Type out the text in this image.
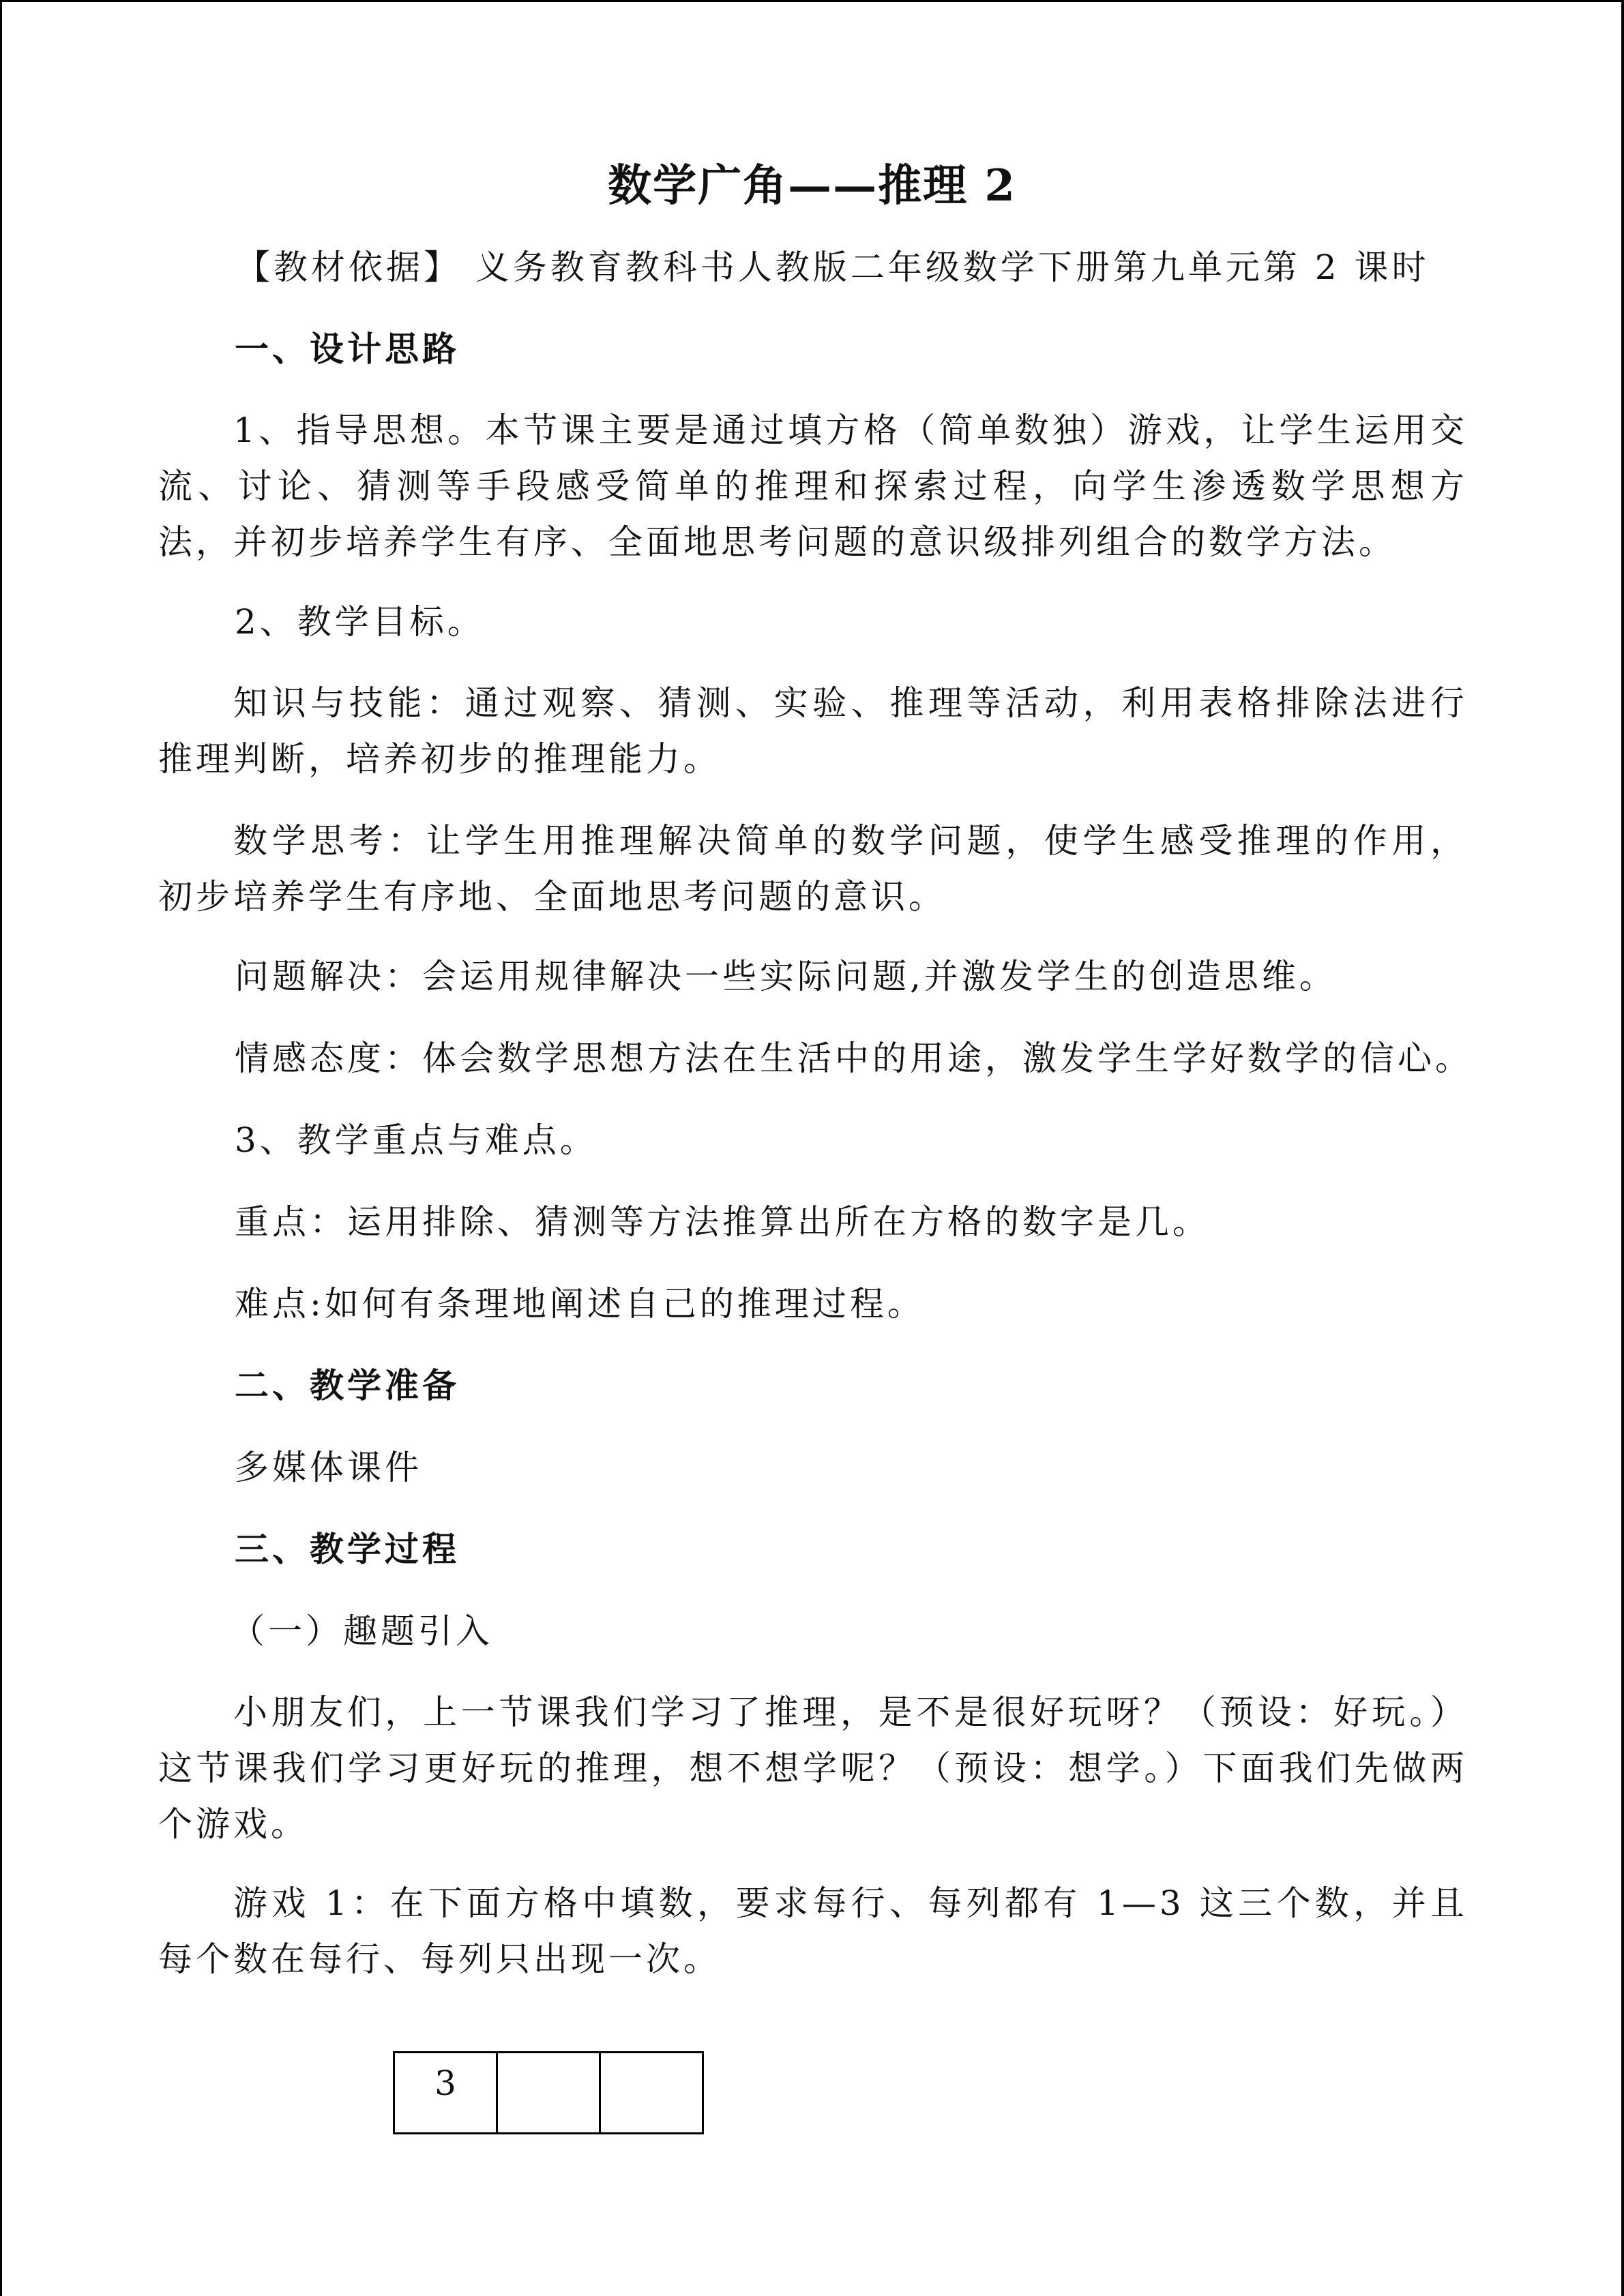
数学广角——推理 2
【教材依据】 义务教育教科书人教版二年级数学下册第九单元第 2 课时
一、设计思路
1、指导思想。本节课主要是通过填方格（简单数独）游戏，让学生运用交流、讨论、猜测等手段感受简单的推理和探索过程，向学生渗透数学思想方法，并初步培养学生有序、全面地思考问题的意识级排列组合的数学方法。
2、教学目标。
知识与技能：通过观察、猜测、实验、推理等活动，利用表格排除法进行推理判断，培养初步的推理能力。
数学思考：让学生用推理解决简单的数学问题，使学生感受推理的作用，初步培养学生有序地、全面地思考问题的意识。
问题解决：会运用规律解决一些实际问题,并激发学生的创造思维。
情感态度：体会数学思想方法在生活中的用途，激发学生学好数学的信心。
3、教学重点与难点。
重点：运用排除、猜测等方法推算出所在方格的数字是几。
难点:如何有条理地阐述自己的推理过程。
二、教学准备
多媒体课件
三、教学过程
（一）趣题引入
小朋友们，上一节课我们学习了推理，是不是很好玩呀？（预设：好玩。）这节课我们学习更好玩的推理，想不想学呢？（预设：想学。）下面我们先做两个游戏。
游戏 1：在下面方格中填数，要求每行、每列都有 1—3 这三个数，并且每个数在每行、每列只出现一次。
3		
